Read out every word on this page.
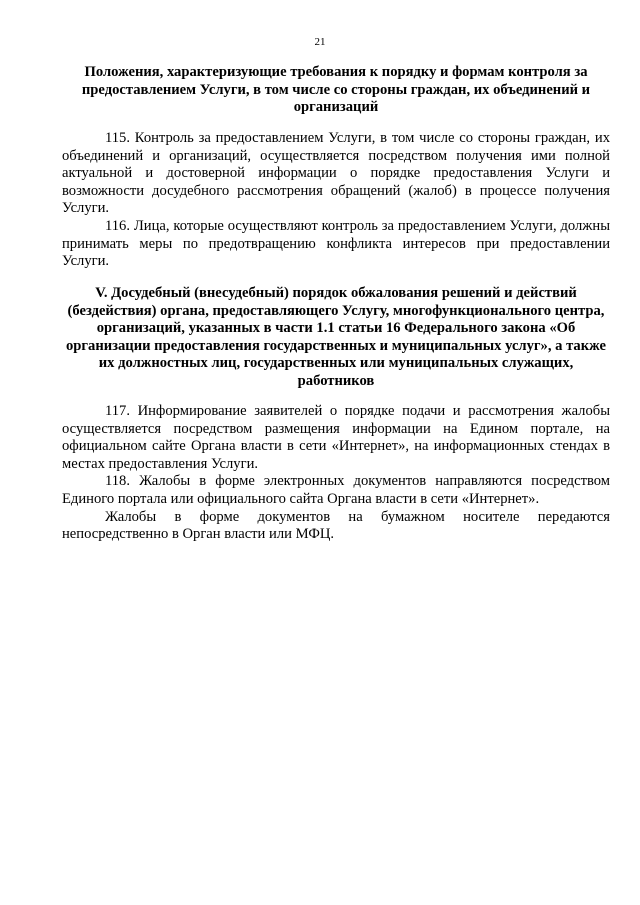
21

Положения, характеризующие требования к порядку и формам контроля за предоставлением Услуги, в том числе со стороны граждан, их объединений и организаций

115. Контроль за предоставлением Услуги, в том числе со стороны граждан, их объединений и организаций, осуществляется посредством получения ими полной актуальной и достоверной информации о порядке предоставления Услуги и возможности досудебного рассмотрения обращений (жалоб) в процессе получения Услуги.

116. Лица, которые осуществляют контроль за предоставлением Услуги, должны принимать меры по предотвращению конфликта интересов при предоставлении Услуги.

V. Досудебный (внесудебный) порядок обжалования решений и действий (бездействия) органа, предоставляющего Услугу, многофункционального центра, организаций, указанных в части 1.1 статьи 16 Федерального закона «Об организации предоставления государственных и муниципальных услуг», а также их должностных лиц, государственных или муниципальных служащих, работников

117. Информирование заявителей о порядке подачи и рассмотрения жалобы осуществляется посредством размещения информации на Едином портале, на официальном сайте Органа власти в сети «Интернет», на информационных стендах в местах предоставления Услуги.

118. Жалобы в форме электронных документов направляются посредством Единого портала или официального сайта Органа власти в сети «Интернет».

Жалобы в форме документов на бумажном носителе передаются непосредственно в Орган власти или МФЦ.
